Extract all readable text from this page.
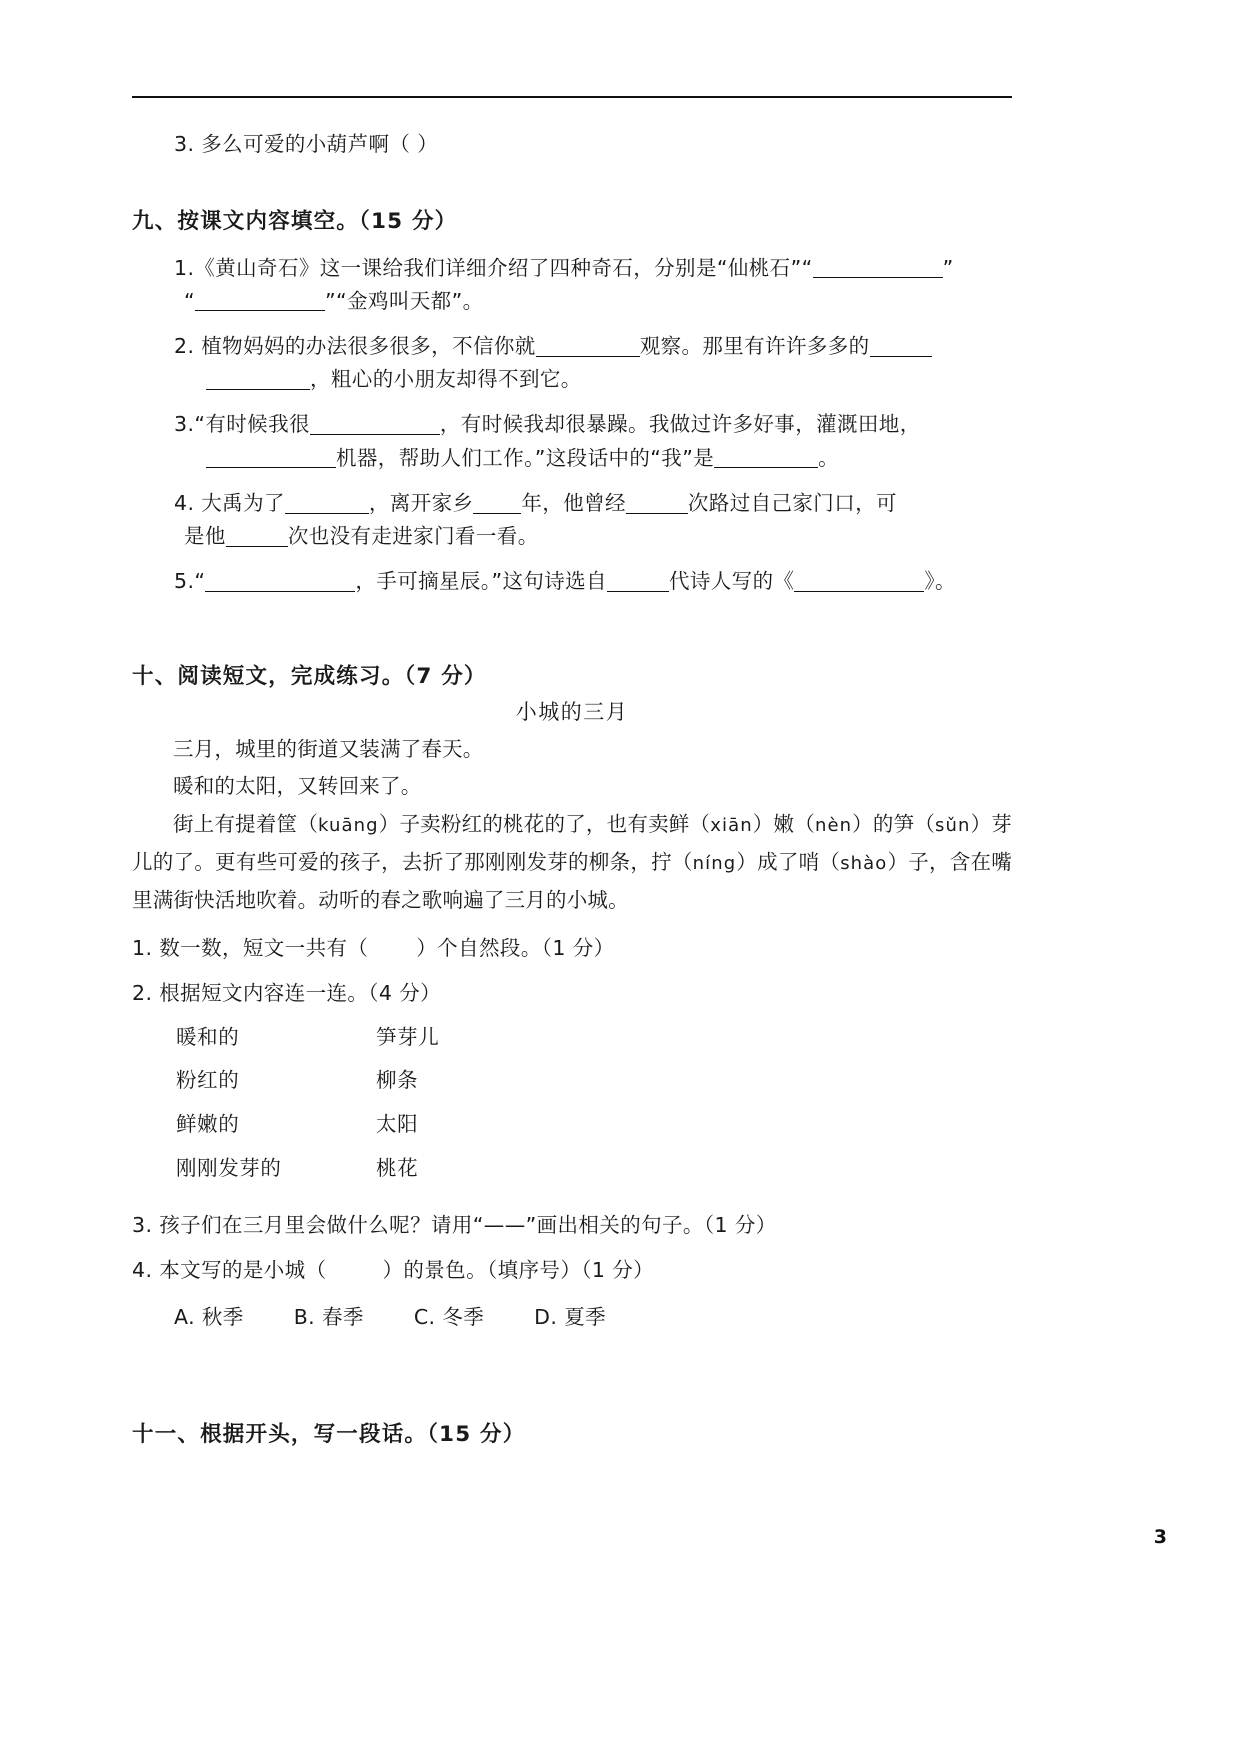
3. 多么可爱的小葫芦啊（ ）
九、按课文内容填空。（15 分）
1.《黄山奇石》这一课给我们详细介绍了四种奇石，分别是“仙桃石”“	”
“	”“金鸡叫天都”。
2. 植物妈妈的办法很多很多，不信你就	观察。那里有许许多多的
，粗心的小朋友却得不到它。
3.“有时候我很	，有时候我却很暴躁。我做过许多好事，灌溉田地，
机器，帮助人们工作。”这段话中的“我”是	。
4. 大禹为了	，离开家乡 年，他曾经	次路过自己家门口，可
是他	次也没有走进家门看一看。
5.“	，手可摘星辰。”这句诗选自	代诗人写的《	》。
十、阅读短文，完成练习。（7 分）
小城的三月
三月，城里的街道又装满了春天。
暖和的太阳，又转回来了。
街上有提着筐（kuāng）子卖粉红的桃花的了，也有卖鲜（xiān）嫩（nèn）的笋（sǔn）芽儿的了。更有些可爱的孩子，去折了那刚刚发芽的柳条，拧（níng）成了哨（shào）子，含在嘴里满街快活地吹着。动听的春之歌响遍了三月的小城。
1. 数一数，短文一共有（ ）个自然段。（1 分）
2. 根据短文内容连一连。（4 分）
暖和的	笋芽儿
粉红的	柳条
鲜嫩的	太阳
刚刚发芽的	桃花
3. 孩子们在三月里会做什么呢？请用“——”画出相关的句子。（1 分）
4. 本文写的是小城（	）的景色。（填序号）（1 分）
A. 秋季 B. 春季 C. 冬季 D. 夏季
十一、根据开头，写一段话。（15 分）
3
